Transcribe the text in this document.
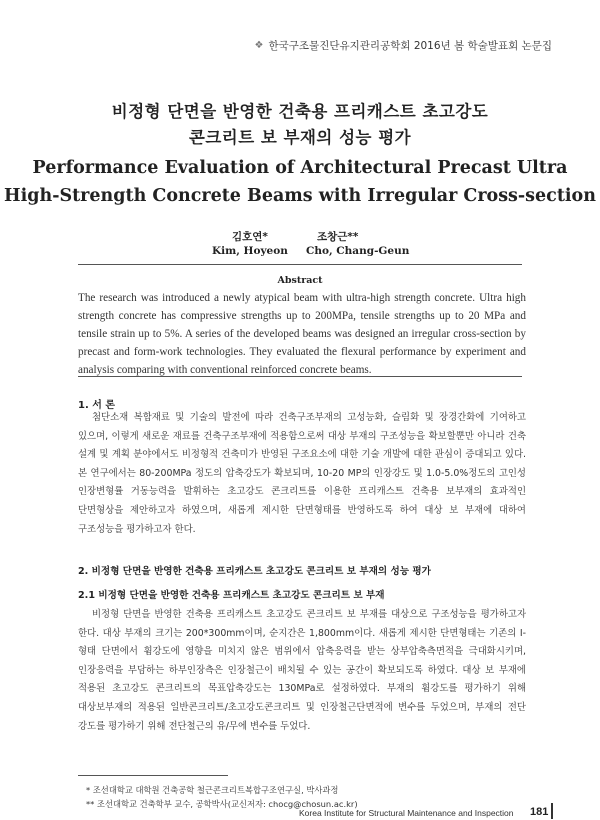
❖ 한국구조물진단유지관리공학회 2016년 봄 학술발표회 논문집
비정형 단면을 반영한 건축용 프리캐스트 초고강도
콘크리트 보 부재의 성능 평가
Performance Evaluation of Architectural Precast Ultra
High-Strength Concrete Beams with Irregular Cross-section
김호연*	조창근**
Kim, Hoyeon Cho, Chang-Geun
Abstract
The research was introduced a newly atypical beam with ultra-high strength concrete. Ultra high strength concrete has compressive strengths up to 200MPa, tensile strengths up to 20 MPa and tensile strain up to 5%. A series of the developed beams was designed an irregular cross-section by precast and form-work technologies. They evaluated the flexural performance by experiment and analysis comparing with conventional reinforced concrete beams.
1. 서 론
첨단소재 복합재료 및 기술의 발전에 따라 건축구조부재의 고성능화, 슬림화 및 장경간화에 기여하고 있으며, 이렇게 새로운 재료를 건축구조부재에 적용함으로써 대상 부재의 구조성능을 확보할뿐만 아니라 건축 설계 및 계획 분야에서도 비정형적 건축미가 반영된 구조요소에 대한 기술 개발에 대한 관심이 증대되고 있다. 본 연구에서는 80-200MPa 정도의 압축강도가 확보되며, 10-20 MP의 인장강도 및 1.0-5.0%정도의 고인성 인장변형률 거동능력을 발휘하는 초고강도 콘크리트를 이용한 프리캐스트 건축용 보부재의 효과적인 단면형상을 제안하고자 하였으며, 새롭게 제시한 단면형태를 반영하도록 하여 대상 보 부재에 대하여 구조성능을 평가하고자 한다.
2. 비정형 단면을 반영한 건축용 프리캐스트 초고강도 콘크리트 보 부재의 성능 평가
2.1 비정형 단면을 반영한 건축용 프리캐스트 초고강도 콘크리트 보 부재
비정형 단면을 반영한 건축용 프리캐스트 초고강도 콘크리트 보 부재를 대상으로 구조성능을 평가하고자 한다. 대상 부재의 크기는 200*300mm이며, 순지간은 1,800mm이다. 새롭게 제시한 단면형태는 기존의 I-형태 단면에서 휨강도에 영향을 미치지 않은 범위에서 압축응력을 받는 상부압축측면적을 극대화시키며, 인장응력을 부담하는 하부인장측은 인장철근이 배치될 수 있는 공간이 확보되도록 하였다. 대상 보 부재에 적용된 초고강도 콘크리트의 목표압축강도는 130MPa로 설정하였다. 부재의 휨강도를 평가하기 위해 대상보부재의 적용된 일반콘크리트/초고강도콘크리트 및 인장철근단면적에 변수를 두었으며, 부재의 전단 강도를 평가하기 위해 전단철근의 유/무에 변수를 두었다.
* 조선대학교 대학원 건축공학 철근콘크리트복합구조연구실, 박사과정
** 조선대학교 건축학부 교수, 공학박사(교신저자: chocg@chosun.ac.kr)
Korea Institute for Structural Maintenance and Inspection 181
